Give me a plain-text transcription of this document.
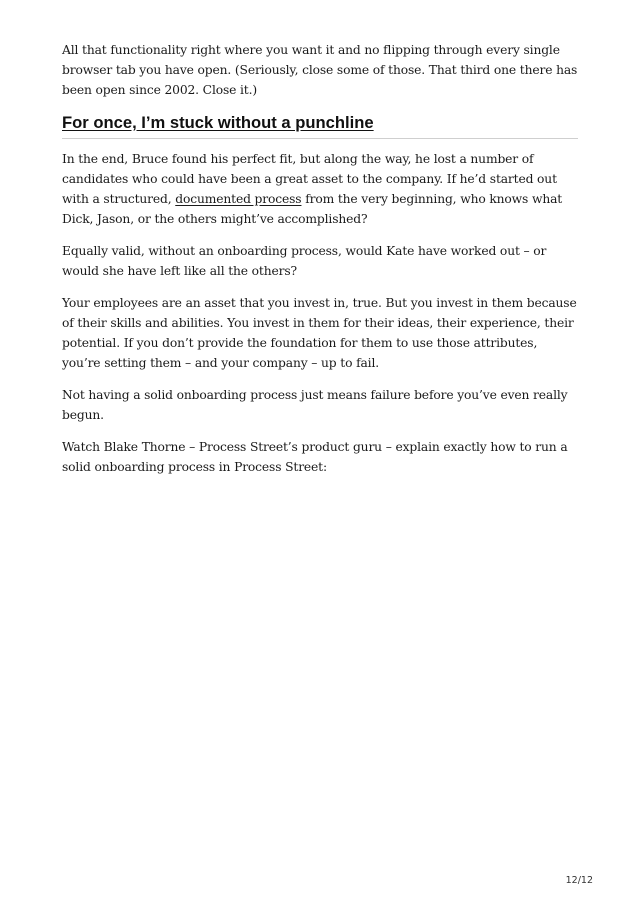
All that functionality right where you want it and no flipping through every single browser tab you have open. (Seriously, close some of those. That third one there has been open since 2002. Close it.)

For once, I’m stuck without a punchline

In the end, Bruce found his perfect fit, but along the way, he lost a number of candidates who could have been a great asset to the company. If he’d started out with a structured, documented process from the very beginning, who knows what Dick, Jason, or the others might’ve accomplished?

Equally valid, without an onboarding process, would Kate have worked out – or would she have left like all the others?

Your employees are an asset that you invest in, true. But you invest in them because of their skills and abilities. You invest in them for their ideas, their experience, their potential. If you don’t provide the foundation for them to use those attributes, you’re setting them – and your company – up to fail.

Not having a solid onboarding process just means failure before you’ve even really begun.

Watch Blake Thorne – Process Street’s product guru – explain exactly how to run a solid onboarding process in Process Street:

12/12
